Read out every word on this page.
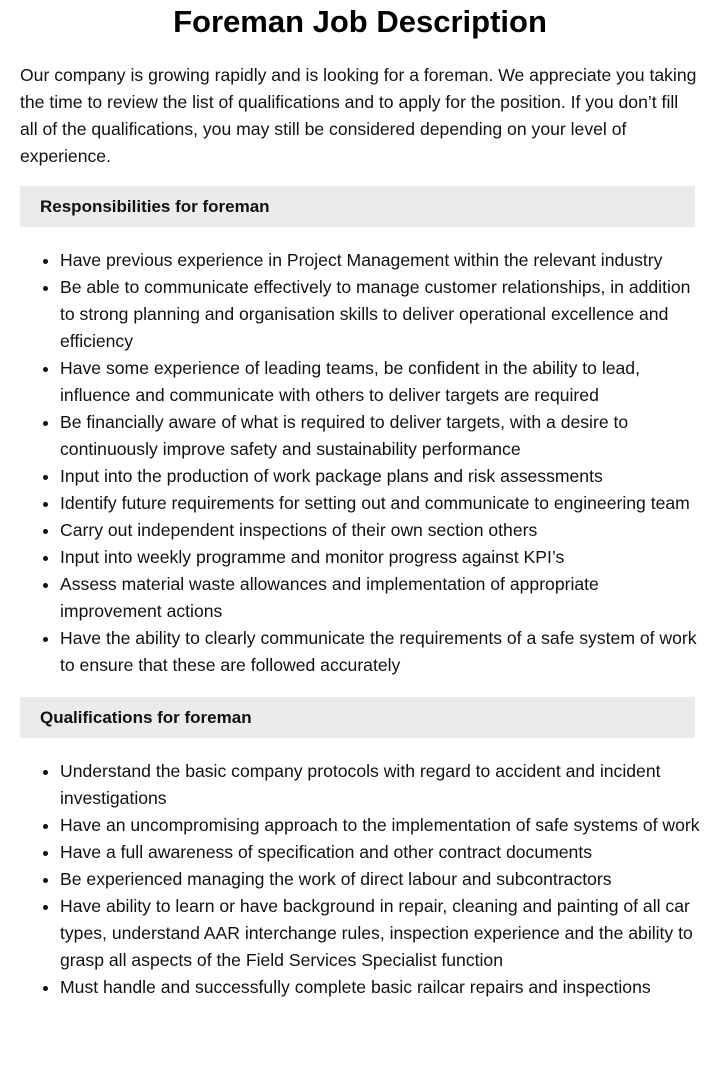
Foreman Job Description

Our company is growing rapidly and is looking for a foreman. We appreciate you taking the time to review the list of qualifications and to apply for the position. If you don’t fill all of the qualifications, you may still be considered depending on your level of experience.

Responsibilities for foreman
• Have previous experience in Project Management within the relevant industry
• Be able to communicate effectively to manage customer relationships, in addition to strong planning and organisation skills to deliver operational excellence and efficiency
• Have some experience of leading teams, be confident in the ability to lead, influence and communicate with others to deliver targets are required
• Be financially aware of what is required to deliver targets, with a desire to continuously improve safety and sustainability performance
• Input into the production of work package plans and risk assessments
• Identify future requirements for setting out and communicate to engineering team
• Carry out independent inspections of their own section others
• Input into weekly programme and monitor progress against KPI’s
• Assess material waste allowances and implementation of appropriate improvement actions
• Have the ability to clearly communicate the requirements of a safe system of work to ensure that these are followed accurately
Qualifications for foreman
• Understand the basic company protocols with regard to accident and incident investigations
• Have an uncompromising approach to the implementation of safe systems of work
• Have a full awareness of specification and other contract documents
• Be experienced managing the work of direct labour and subcontractors
• Have ability to learn or have background in repair, cleaning and painting of all car types, understand AAR interchange rules, inspection experience and the ability to grasp all aspects of the Field Services Specialist function
• Must handle and successfully complete basic railcar repairs and inspections
